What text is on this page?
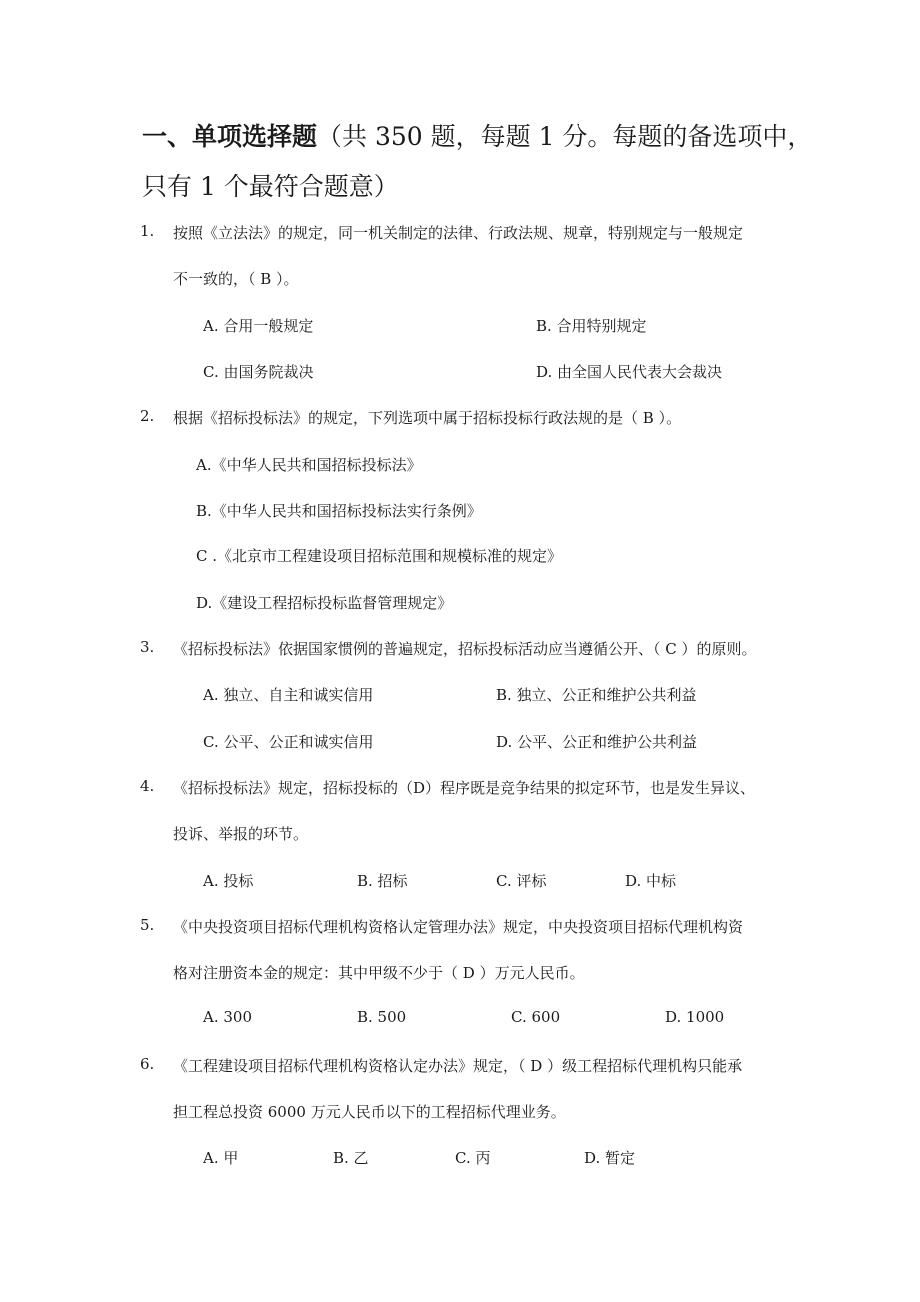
一、单项选择题（共 350 题，每题 1 分。每题的备选项中，
只有 1 个最符合题意）
1. 按照《立法法》的规定，同一机关制定的法律、行政法规、规章，特别规定与一般规定
不一致的，（ B ）。
A. 合用一般规定	B. 合用特别规定
C. 由国务院裁决	D. 由全国人民代表大会裁决
2. 根据《招标投标法》的规定，下列选项中属于招标投标行政法规的是（ B ）。
A.《中华人民共和国招标投标法》
B.《中华人民共和国招标投标法实行条例》
C .《北京市工程建设项目招标范围和规模标准的规定》
D.《建设工程招标投标监督管理规定》
3. 《招标投标法》依据国家惯例的普遍规定，招标投标活动应当遵循公开、（ C ）的原则。
A. 独立、自主和诚实信用	B. 独立、公正和维护公共利益
C. 公平、公正和诚实信用	D. 公平、公正和维护公共利益
4. 《招标投标法》规定，招标投标的（D）程序既是竞争结果的拟定环节，也是发生异议、
投诉、举报的环节。
A. 投标	B. 招标	C. 评标	D. 中标
5. 《中央投资项目招标代理机构资格认定管理办法》规定，中央投资项目招标代理机构资
格对注册资本金的规定：其中甲级不少于（ D ）万元人民币。
A. 300	B. 500	C. 600	D. 1000
6. 《工程建设项目招标代理机构资格认定办法》规定，（ D ）级工程招标代理机构只能承
担工程总投资 6000 万元人民币以下的工程招标代理业务。
A. 甲	B. 乙	C. 丙	D. 暂定
